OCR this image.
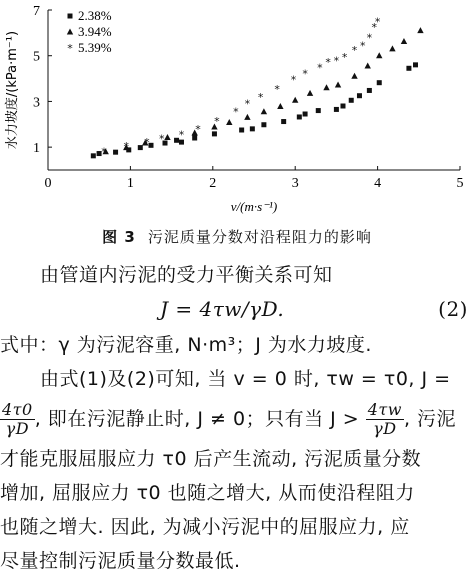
0	1	2	3	4	5
1
3
5
7
v/(m·s⁻¹)
水力坡度/(kPa·m⁻¹)
2.38%
3.94%
* * * * * *
*
*
*
*
*
* * * * * *
* *
*
*
*
* 5.39%
图 3 污泥质量分数对沿程阻力的影响
由管道内污泥的受力平衡关系可知
J = 4τw/γD.	(2)
式中：γ 为污泥容重, N·m³；J 为水力坡度.
由式(1)及(2)可知, 当 v = 0 时, τw = τ0, J =
$\frac{4\tau 0}{\gamma D}$ , 即在污泥静止时, J ≠ 0；只有当 $J > \frac{4\tau w}{\gamma D}$ , 污泥
才能克服屈服应力 τ0 后产生流动, 污泥质量分数
增加, 屈服应力 τ0 也随之增大, 从而使沿程阻力
也随之增大. 因此, 为减小污泥中的屈服应力, 应
尽量控制污泥质量分数最低.
